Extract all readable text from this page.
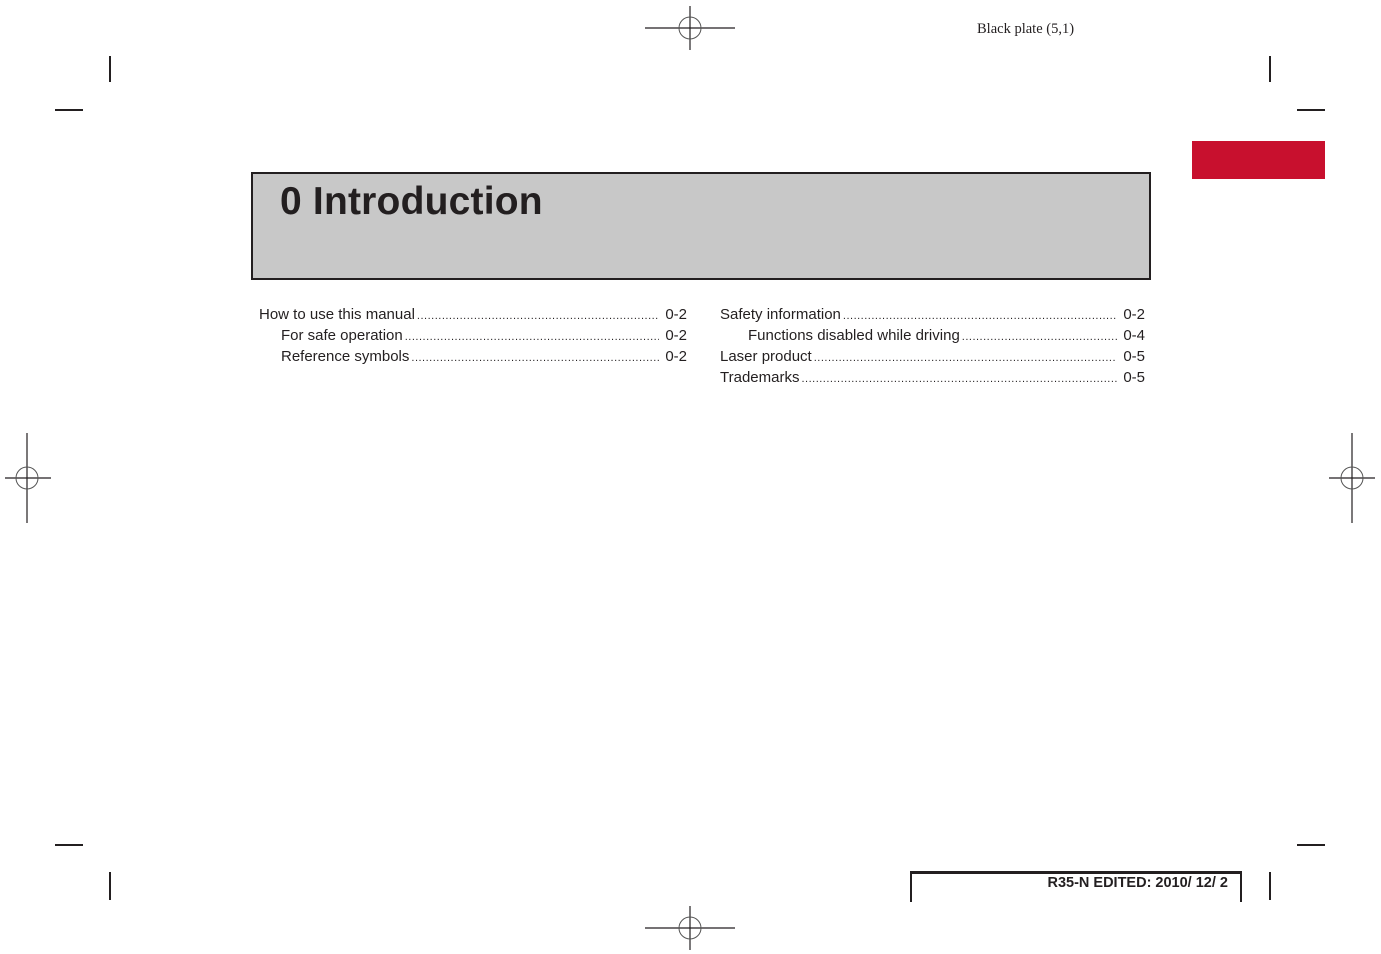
Black plate (5,1)
0 Introduction
How to use this manual .....	0-2
For safe operation .....	0-2
Reference symbols .....	0-2
Safety information .....	0-2
Functions disabled while driving .....	0-4
Laser product .....	0-5
Trademarks .....	0-5
R35-N EDITED: 2010/ 12/ 2
